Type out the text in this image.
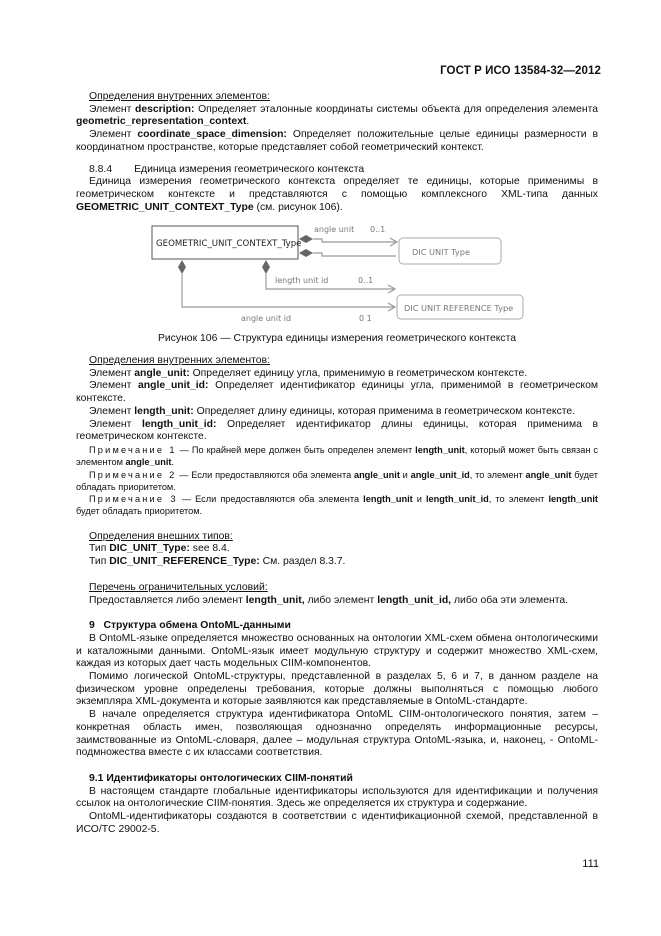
ГОСТ Р ИСО 13584-32—2012

Определения внутренних элементов:

Элемент description: Определяет эталонные координаты системы объекта для определения элемента geometric_representation_context.

Элемент coordinate_space_dimension: Определяет положительные целые единицы размерности в координатном пространстве, которые представляет собой геометрический контекст.

8.8.4 Единица измерения геометрического контекста

Единица измерения геометрического контекста определяет те единицы, которые применимы в геометрическом контексте и представляются с помощью комплексного XML-типа данных GEOMETRIC_UNIT_CONTEXT_Type (см. рисунок 106).

GEOMETRIC_UNIT_CONTEXT_Type
DIC UNIT Type
DIC UNIT REFERENCE Type
angle unit 0..1
length unit id	0..1
angle unit id	0 1

Рисунок 106 — Структура единицы измерения геометрического контекста

Определения внутренних элементов:

Элемент angle_unit: Определяет единицу угла, применимую в геометрическом контексте.

Элемент angle_unit_id: Определяет идентификатор единицы угла, применимой в геометрическом контексте.

Элемент length_unit: Определяет длину единицы, которая применима в геометрическом контексте.

Элемент length_unit_id: Определяет идентификатор длины единицы, которая применима в геометрическом контексте.

Примечание 1 — По крайней мере должен быть определен элемент length_unit, который может быть связан с элементом angle_unit.

Примечание 2 — Если предоставляются оба элемента angle_unit и angle_unit_id, то элемент angle_unit будет обладать приоритетом.

Примечание 3 — Если предоставляются оба элемента length_unit и length_unit_id, то элемент length_unit будет обладать приоритетом.

Определения внешних типов:

Тип DIC_UNIT_Type: see 8.4.

Тип DIC_UNIT_REFERENCE_Type: См. раздел 8.3.7.

Перечень ограничительных условий:

Предоставляется либо элемент length_unit, либо элемент length_unit_id, либо оба эти элемента.

9   Структура обмена OntoML-данными

В OntoML-языке определяется множество основанных на онтологии XML-схем обмена онтологическими и каталожными данными. OntoML-язык имеет модульную структуру и содержит множество XML-схем, каждая из которых дает часть модельных CIIM-компонентов.

Помимо логической OntoML-структуры, представленной в разделах 5, 6 и 7, в данном разделе на физическом уровне определены требования, которые должны выполняться с помощью любого экземпляра XML-документа и которые заявляются как представляемые в OntoML-стандарте.

В начале определяется структура идентификатора OntoML CIIM-онтологического понятия, затем – конкретная область имен, позволяющая однозначно определять информационные ресурсы, заимствованные из OntoML-словаря, далее – модульная структура OntoML-языка, и, наконец, - OntoML-подмножества вместе с их классами соответствия.

9.1 Идентификаторы онтологических CIIM-понятий

В настоящем стандарте глобальные идентификаторы используются для идентификации и получения ссылок на онтологические CIIM-понятия. Здесь же определяется их структура и содержание.

OntoML-идентификаторы создаются в соответствии с идентификационной схемой, представленной в ИСО/ТС 29002-5.

111
